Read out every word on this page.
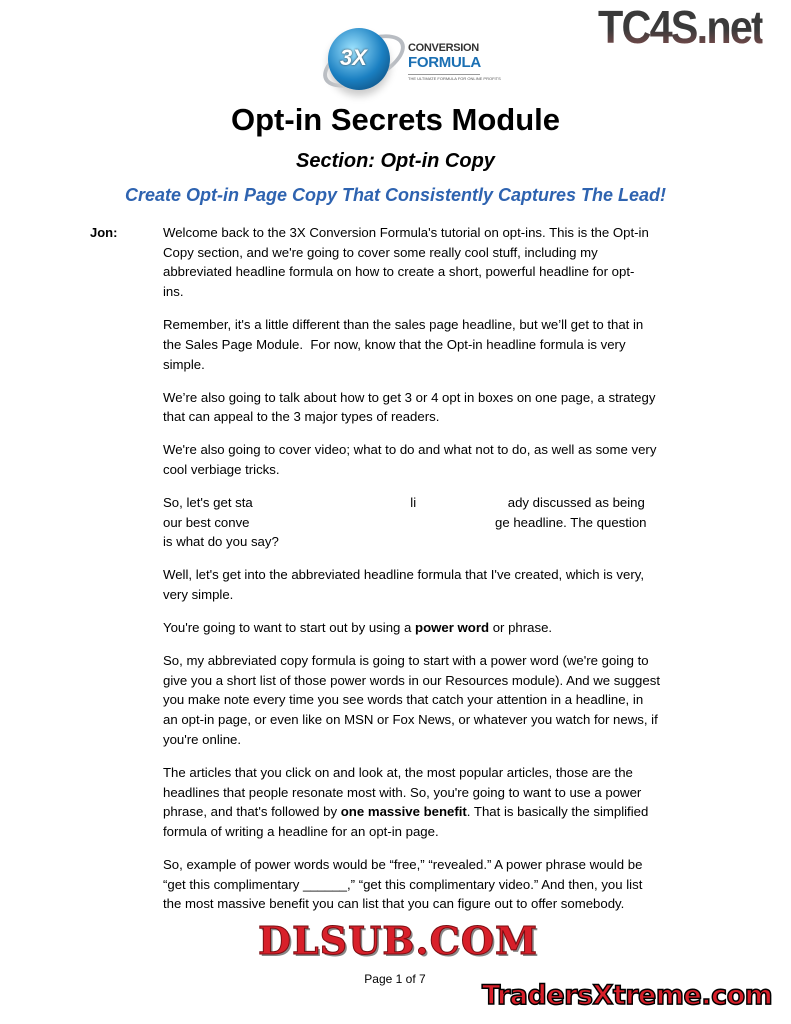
3X	CONVERSION
FORMULA
THE ULTIMATE FORMULA FOR ONLINE PROFITS
TC4S.net
Opt-in Secrets Module
Section: Opt-in Copy
Create Opt-in Page Copy That Consistently Captures The Lead!
Jon:	Welcome back to the 3X Conversion Formula's tutorial on opt-ins. This is the Opt-in
Copy section, and we're going to cover some really cool stuff, including my
abbreviated headline formula on how to create a short, powerful headline for opt-
ins.

Remember, it's a little different than the sales page headline, but we’ll get to that in
the Sales Page Module.  For now, know that the Opt-in headline formula is very
simple.

We’re also going to talk about how to get 3 or 4 opt in boxes on one page, a strategy
that can appeal to the 3 major types of readers.

We're also going to cover video; what to do and what not to do, as well as some very
cool verbiage tricks.

So, let's get sta                                           li                         ady discussed as being
our best conve                                                                   ge headline. The question
is what do you say?

Well, let's get into the abbreviated headline formula that I've created, which is very,
very simple.

You're going to want to start out by using a power word or phrase.

So, my abbreviated copy formula is going to start with a power word (we're going to
give you a short list of those power words in our Resources module). And we suggest
you make note every time you see words that catch your attention in a headline, in
an opt-in page, or even like on MSN or Fox News, or whatever you watch for news, if
you're online.

The articles that you click on and look at, the most popular articles, those are the
headlines that people resonate most with. So, you're going to want to use a power
phrase, and that's followed by one massive benefit. That is basically the simplified
formula of writing a headline for an opt-in page.

So, example of power words would be “free,” “revealed.” A power phrase would be
“get this complimentary ______,” “get this complimentary video.” And then, you list
the most massive benefit you can list that you can figure out to offer somebody.

DLSUB.COM
Page 1 of 7
TradersXtreme.com
